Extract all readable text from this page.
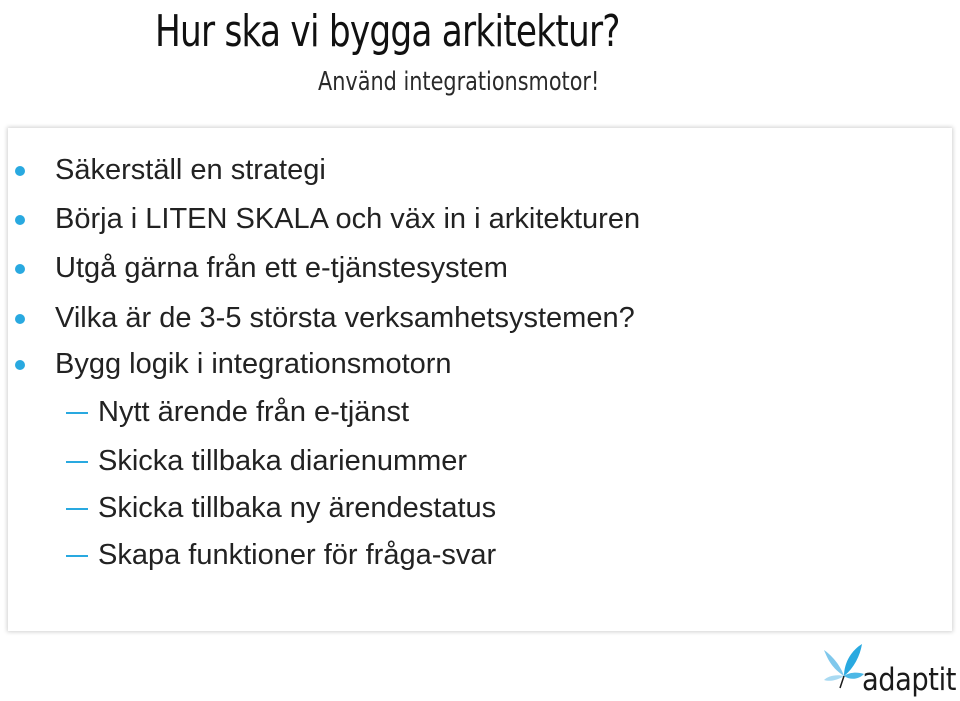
Hur ska vi bygga arkitektur?
Använd integrationsmotor!
Säkerställ en strategi
Börja i LITEN SKALA och väx in i arkitekturen
Utgå gärna från ett e-tjänstesystem
Vilka är de 3-5 största verksamhetsystemen?
Bygg logik i integrationsmotorn
Nytt ärende från e-tjänst
Skicka tillbaka diarienummer
Skicka tillbaka ny ärendestatus
Skapa funktioner för fråga-svar
adaptit
